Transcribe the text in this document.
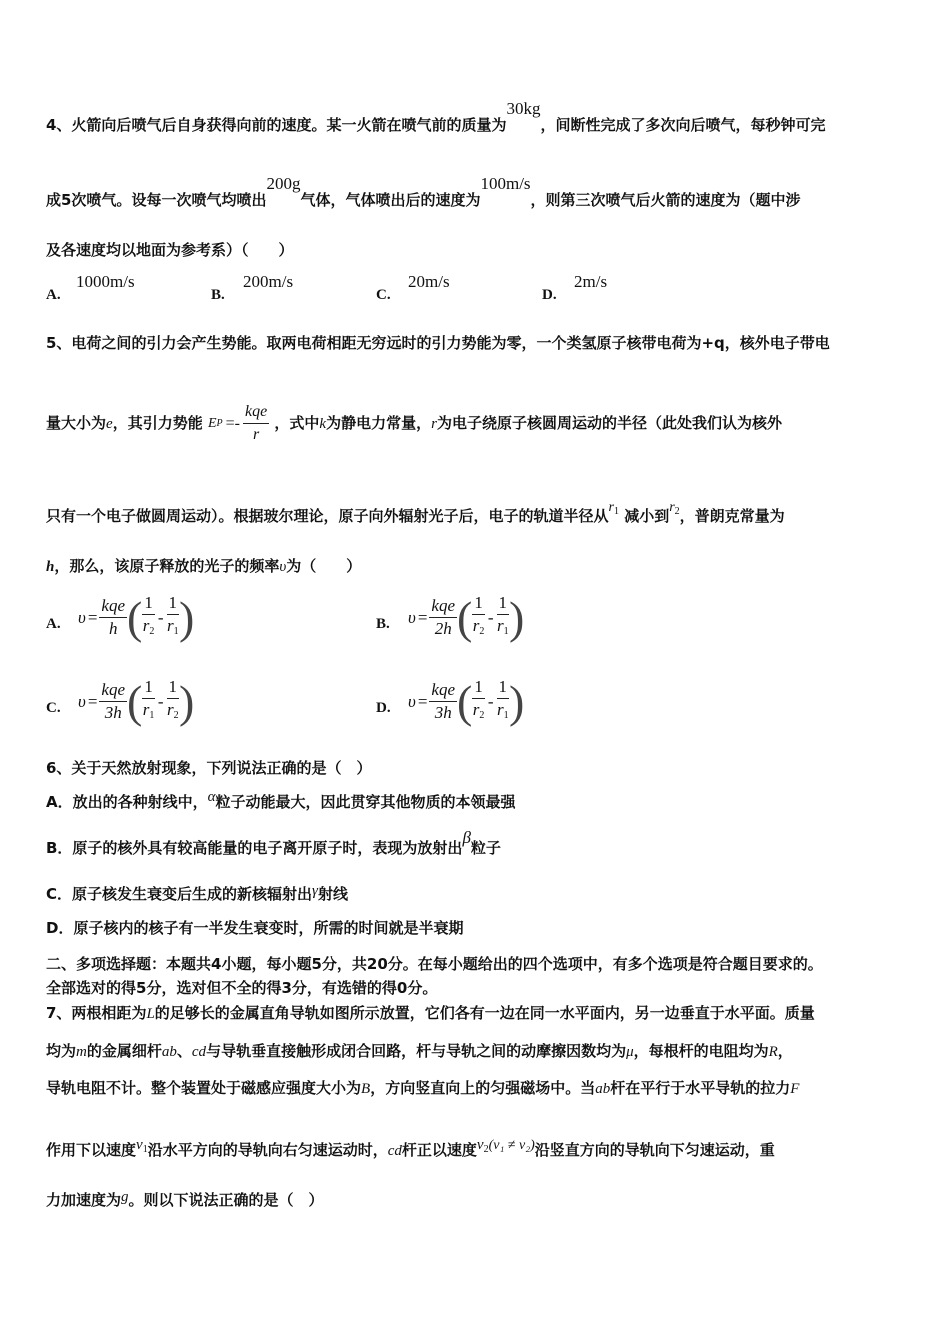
4、火箭向后喷气后自身获得向前的速度。某一火箭在喷气前的质量为30kg，间断性完成了多次向后喷气，每秒钟可完
成5次喷气。设每一次喷气均喷出200g气体，气体喷出后的速度为100m/s，则第三次喷气后火箭的速度为（题中涉
及各速度均以地面为参考系）（　　）
A.
1000m/s
B.
200m/s
C.
20m/s
D.
2m/s
5、电荷之间的引力会产生势能。取两电荷相距无穷远时的引力势能为零，一个类氢原子核带电荷为+q，核外电子带电
量大小为e，其引力势能 E $P =- \frac{\text{kqe}}{r}$ ，式中k为静电力常量，r为电子绕原子核圆周运动的半径（此处我们认为核外
只有一个电子做圆周运动）。根据玻尔理论，原子向外辐射光子后，电子的轨道半径从$r_1$ 减小到$r_2$，普朗克常量为
h，那么，该原子释放的光子的频率υ为（　　）
A. $\upsilon = \frac{\text{kqe}}{h}$ ( $\frac{1}{r_2} - \frac{1}{r_1}$ )	B. $\upsilon = \frac{\text{kqe}}{2h}$ ( $\frac{1}{r_2} - \frac{1}{r_1}$ )
C. $\upsilon = \frac{\text{kqe}}{3h}$ ( $\frac{1}{r_1} - \frac{1}{r_2}$ )	D. $\upsilon = \frac{\text{kqe}}{3h}$ ( $\frac{1}{r_2} - \frac{1}{r_1}$ )
6、关于天然放射现象，下列说法正确的是（　）
A．放出的各种射线中，α粒子动能最大，因此贯穿其他物质的本领最强
B．原子的核外具有较高能量的电子离开原子时，表现为放射出β粒子
C．原子核发生衰变后生成的新核辐射出γ射线
D．原子核内的核子有一半发生衰变时，所需的时间就是半衰期
二、多项选择题：本题共4小题，每小题5分，共20分。在每小题给出的四个选项中，有多个选项是符合题目要求的。
全部选对的得5分，选对但不全的得3分，有选错的得0分。
7、两根相距为L的足够长的金属直角导轨如图所示放置，它们各有一边在同一水平面内，另一边垂直于水平面。质量
均为m的金属细杆ab、cd与导轨垂直接触形成闭合回路，杆与导轨之间的动摩擦因数均为μ，每根杆的电阻均为R，
导轨电阻不计。整个装置处于磁感应强度大小为B，方向竖直向上的匀强磁场中。当ab杆在平行于水平导轨的拉力F
作用下以速度$v_1$沿水平方向的导轨向右匀速运动时，cd杆正以速度$v_2(v_1 \ne v_2)$沿竖直方向的导轨向下匀速运动，重
力加速度为g。则以下说法正确的是（　）
